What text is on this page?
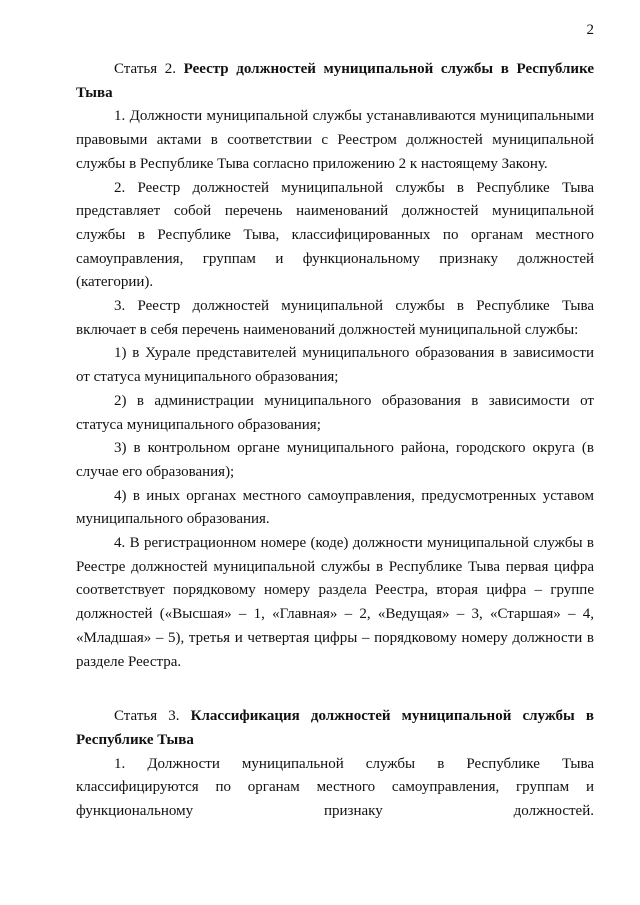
2

Статья 2. Реестр должностей муниципальной службы в Республике Тыва

1. Должности муниципальной службы устанавливаются муниципальными правовыми актами в соответствии с Реестром должностей муниципальной службы в Республике Тыва согласно приложению 2 к настоящему Закону.

2. Реестр должностей муниципальной службы в Республике Тыва представляет собой перечень наименований должностей муниципальной службы в Республике Тыва, классифицированных по органам местного самоуправления, группам и функциональному признаку должностей (категории).

3. Реестр должностей муниципальной службы в Республике Тыва включает в себя перечень наименований должностей муниципальной службы:

1) в Хурале представителей муниципального образования в зависимости от статуса муниципального образования;

2) в администрации муниципального образования в зависимости от статуса муниципального образования;

3) в контрольном органе муниципального района, городского округа (в случае его образования);

4) в иных органах местного самоуправления, предусмотренных уставом муниципального образования.

4. В регистрационном номере (коде) должности муниципальной службы в Реестре должностей муниципальной службы в Республике Тыва первая цифра соответствует порядковому номеру раздела Реестра, вторая цифра – группе должностей («Высшая» – 1, «Главная» – 2, «Ведущая» – 3, «Старшая» – 4, «Младшая» – 5), третья и четвертая цифры – порядковому номеру должности в разделе Реестра.

Статья 3. Классификация должностей муниципальной службы в Республике Тыва

1. Должности муниципальной службы в Республике Тыва классифицируются по органам местного самоуправления, группам и функциональному признаку должностей.
